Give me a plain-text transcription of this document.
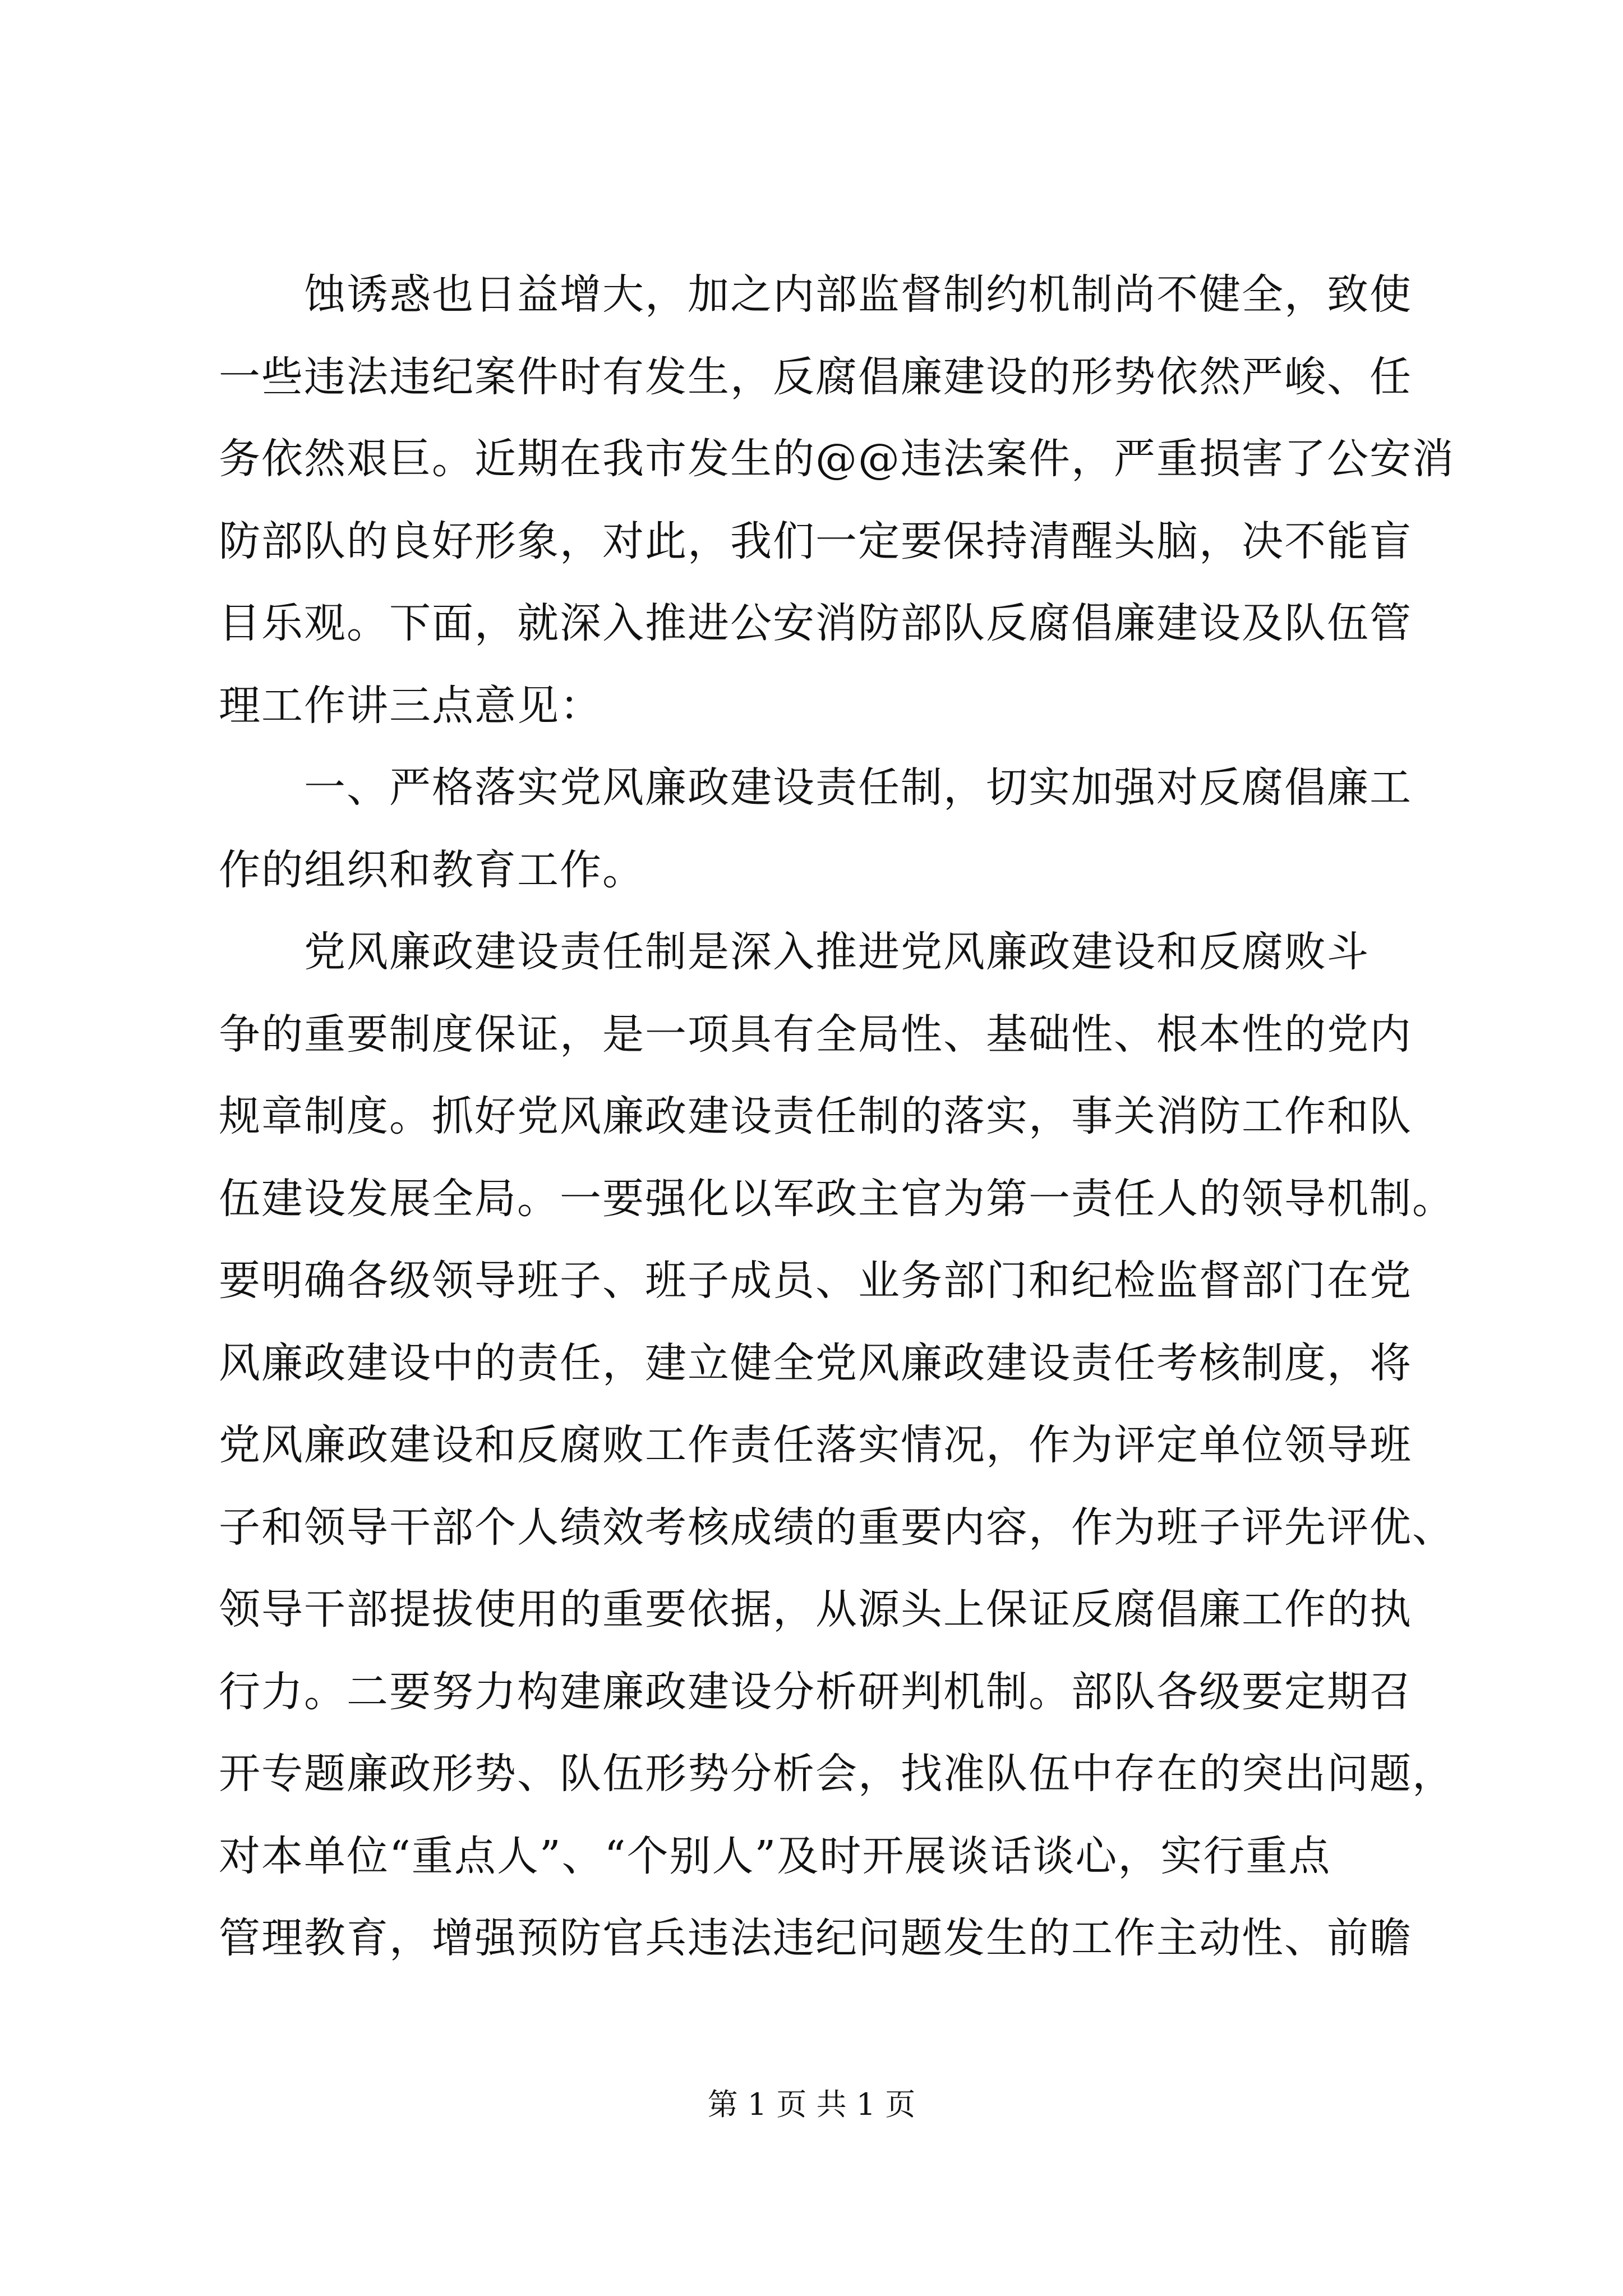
　　蚀诱惑也日益增大，加之内部监督制约机制尚不健全，致使
一些违法违纪案件时有发生，反腐倡廉建设的形势依然严峻、任
务依然艰巨。近期在我市发生的@@违法案件，严重损害了公安消
防部队的良好形象，对此，我们一定要保持清醒头脑，决不能盲
目乐观。下面，就深入推进公安消防部队反腐倡廉建设及队伍管
理工作讲三点意见：
　　一、严格落实党风廉政建设责任制，切实加强对反腐倡廉工
作的组织和教育工作。
　　党风廉政建设责任制是深入推进党风廉政建设和反腐败斗
争的重要制度保证，是一项具有全局性、基础性、根本性的党内
规章制度。抓好党风廉政建设责任制的落实，事关消防工作和队
伍建设发展全局。一要强化以军政主官为第一责任人的领导机制。
要明确各级领导班子、班子成员、业务部门和纪检监督部门在党
风廉政建设中的责任，建立健全党风廉政建设责任考核制度，将
党风廉政建设和反腐败工作责任落实情况，作为评定单位领导班
子和领导干部个人绩效考核成绩的重要内容，作为班子评先评优、
领导干部提拔使用的重要依据，从源头上保证反腐倡廉工作的执
行力。二要努力构建廉政建设分析研判机制。部队各级要定期召
开专题廉政形势、队伍形势分析会，找准队伍中存在的突出问题，
对本单位“重点人”、“个别人”及时开展谈话谈心，实行重点
管理教育，增强预防官兵违法违纪问题发生的工作主动性、前瞻
第 1 页 共 1 页
